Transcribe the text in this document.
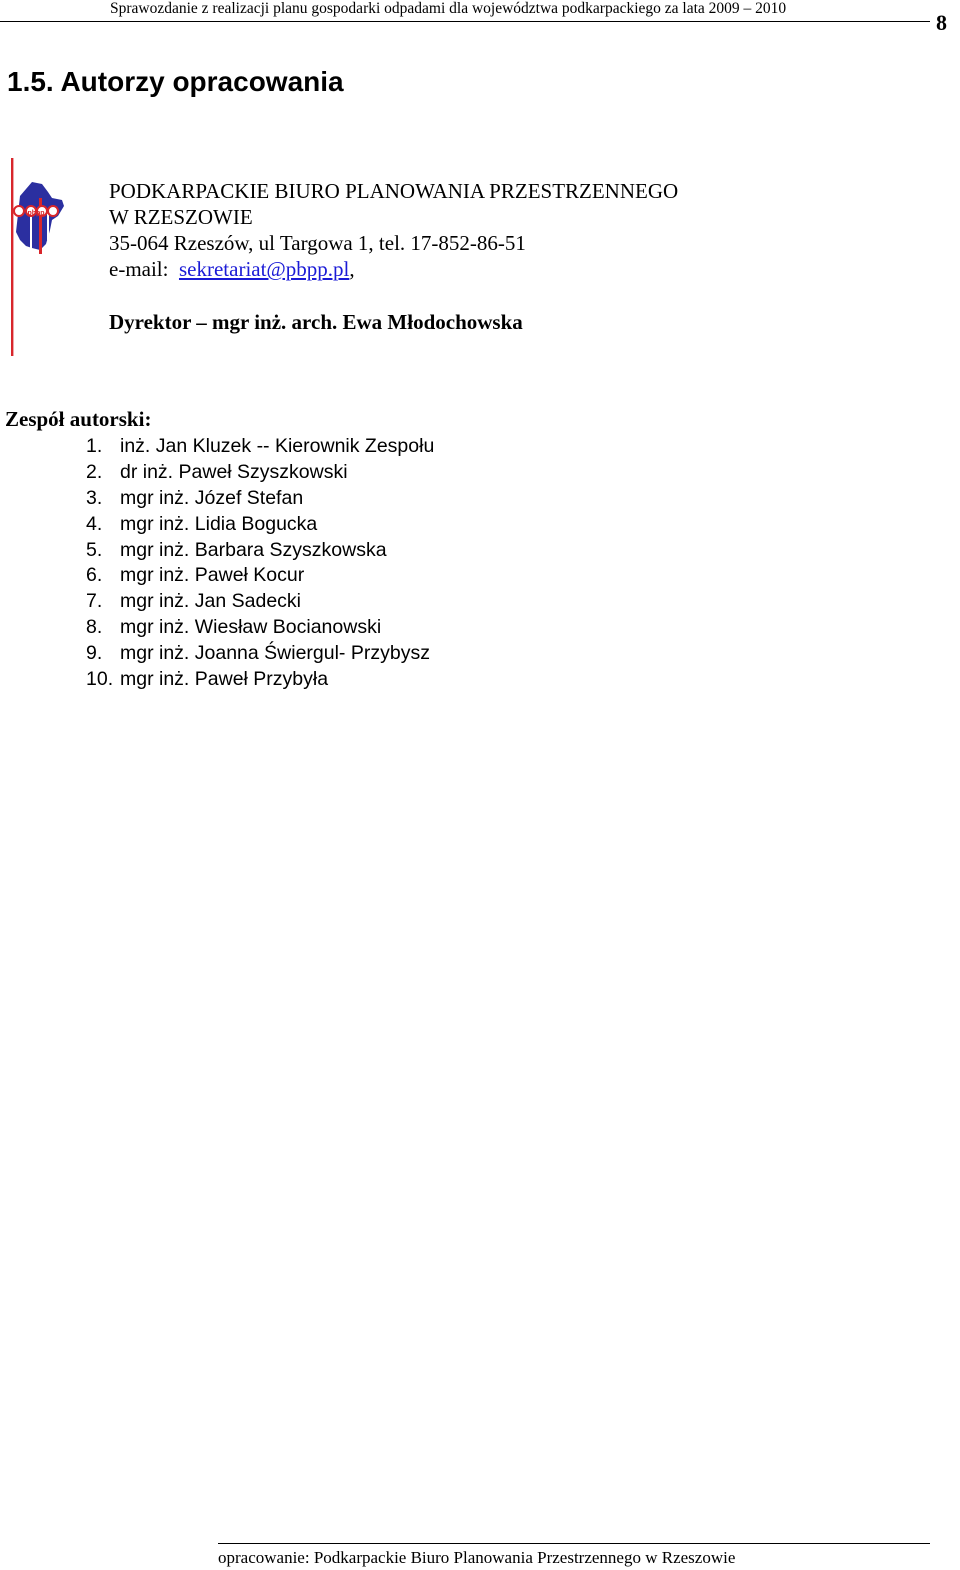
Sprawozdanie z realizacji planu gospodarki odpadami dla województwa podkarpackiego za lata 2009 – 2010
8
1.5. Autorzy opracowania
pbpp
PODKARPACKIE BIURO PLANOWANIA PRZESTRZENNEGO
W RZESZOWIE
35-064 Rzeszów, ul Targowa 1, tel. 17-852-86-51
e-mail: sekretariat@pbpp.pl,
Dyrektor – mgr inż. arch. Ewa Młodochowska
Zespół autorski:
1. inż. Jan Kluzek -- Kierownik Zespołu
2. dr inż. Paweł Szyszkowski
3. mgr inż. Józef Stefan
4. mgr inż. Lidia Bogucka
5. mgr inż. Barbara Szyszkowska
6. mgr inż. Paweł Kocur
7. mgr inż. Jan Sadecki
8. mgr inż. Wiesław Bocianowski
9. mgr inż. Joanna Świergul- Przybysz
10. mgr inż. Paweł Przybyła
opracowanie: Podkarpackie Biuro Planowania Przestrzennego w Rzeszowie
